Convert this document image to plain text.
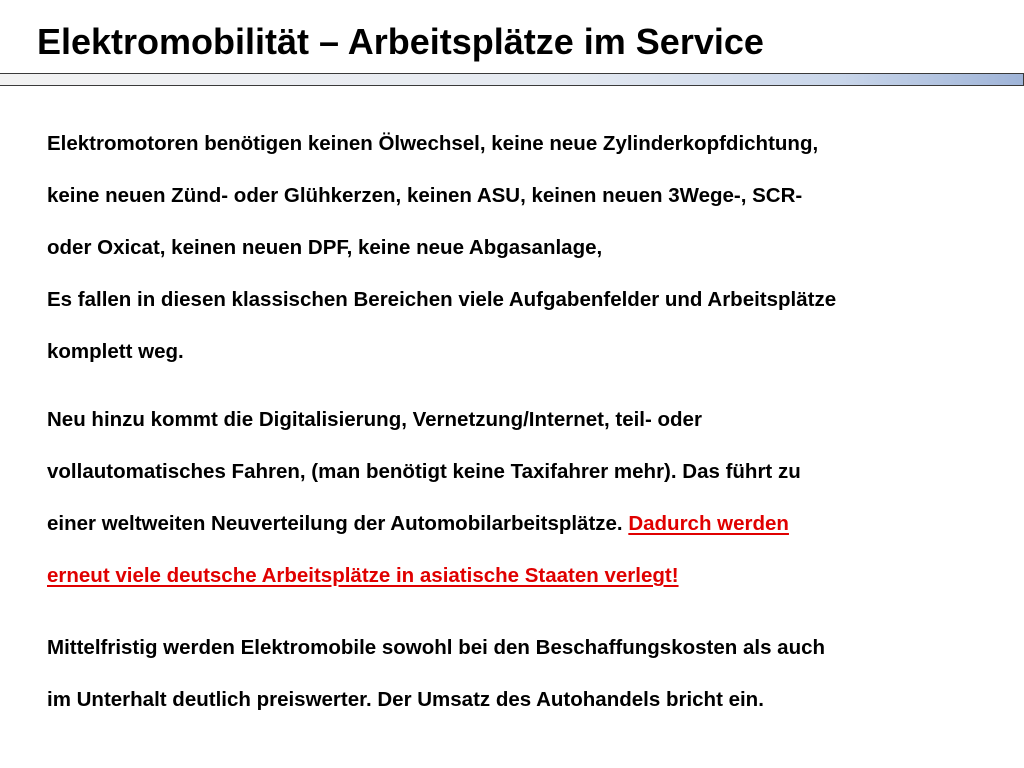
Elektromobilität – Arbeitsplätze im Service
Elektromotoren benötigen keinen Ölwechsel, keine neue Zylinderkopfdichtung,
keine neuen Zünd- oder Glühkerzen, keinen ASU, keinen neuen 3Wege-, SCR-
oder Oxicat, keinen neuen DPF, keine neue Abgasanlage,
Es fallen in diesen klassischen Bereichen viele Aufgabenfelder und Arbeitsplätze
komplett weg.
Neu hinzu kommt die Digitalisierung, Vernetzung/Internet, teil- oder
vollautomatisches Fahren, (man benötigt keine Taxifahrer mehr). Das führt zu
einer weltweiten Neuverteilung der Automobilarbeitsplätze. Dadurch werden
erneut viele deutsche Arbeitsplätze in asiatische Staaten verlegt!
Mittelfristig werden Elektromobile sowohl bei den Beschaffungskosten als auch
im Unterhalt deutlich preiswerter. Der Umsatz des Autohandels bricht ein.
